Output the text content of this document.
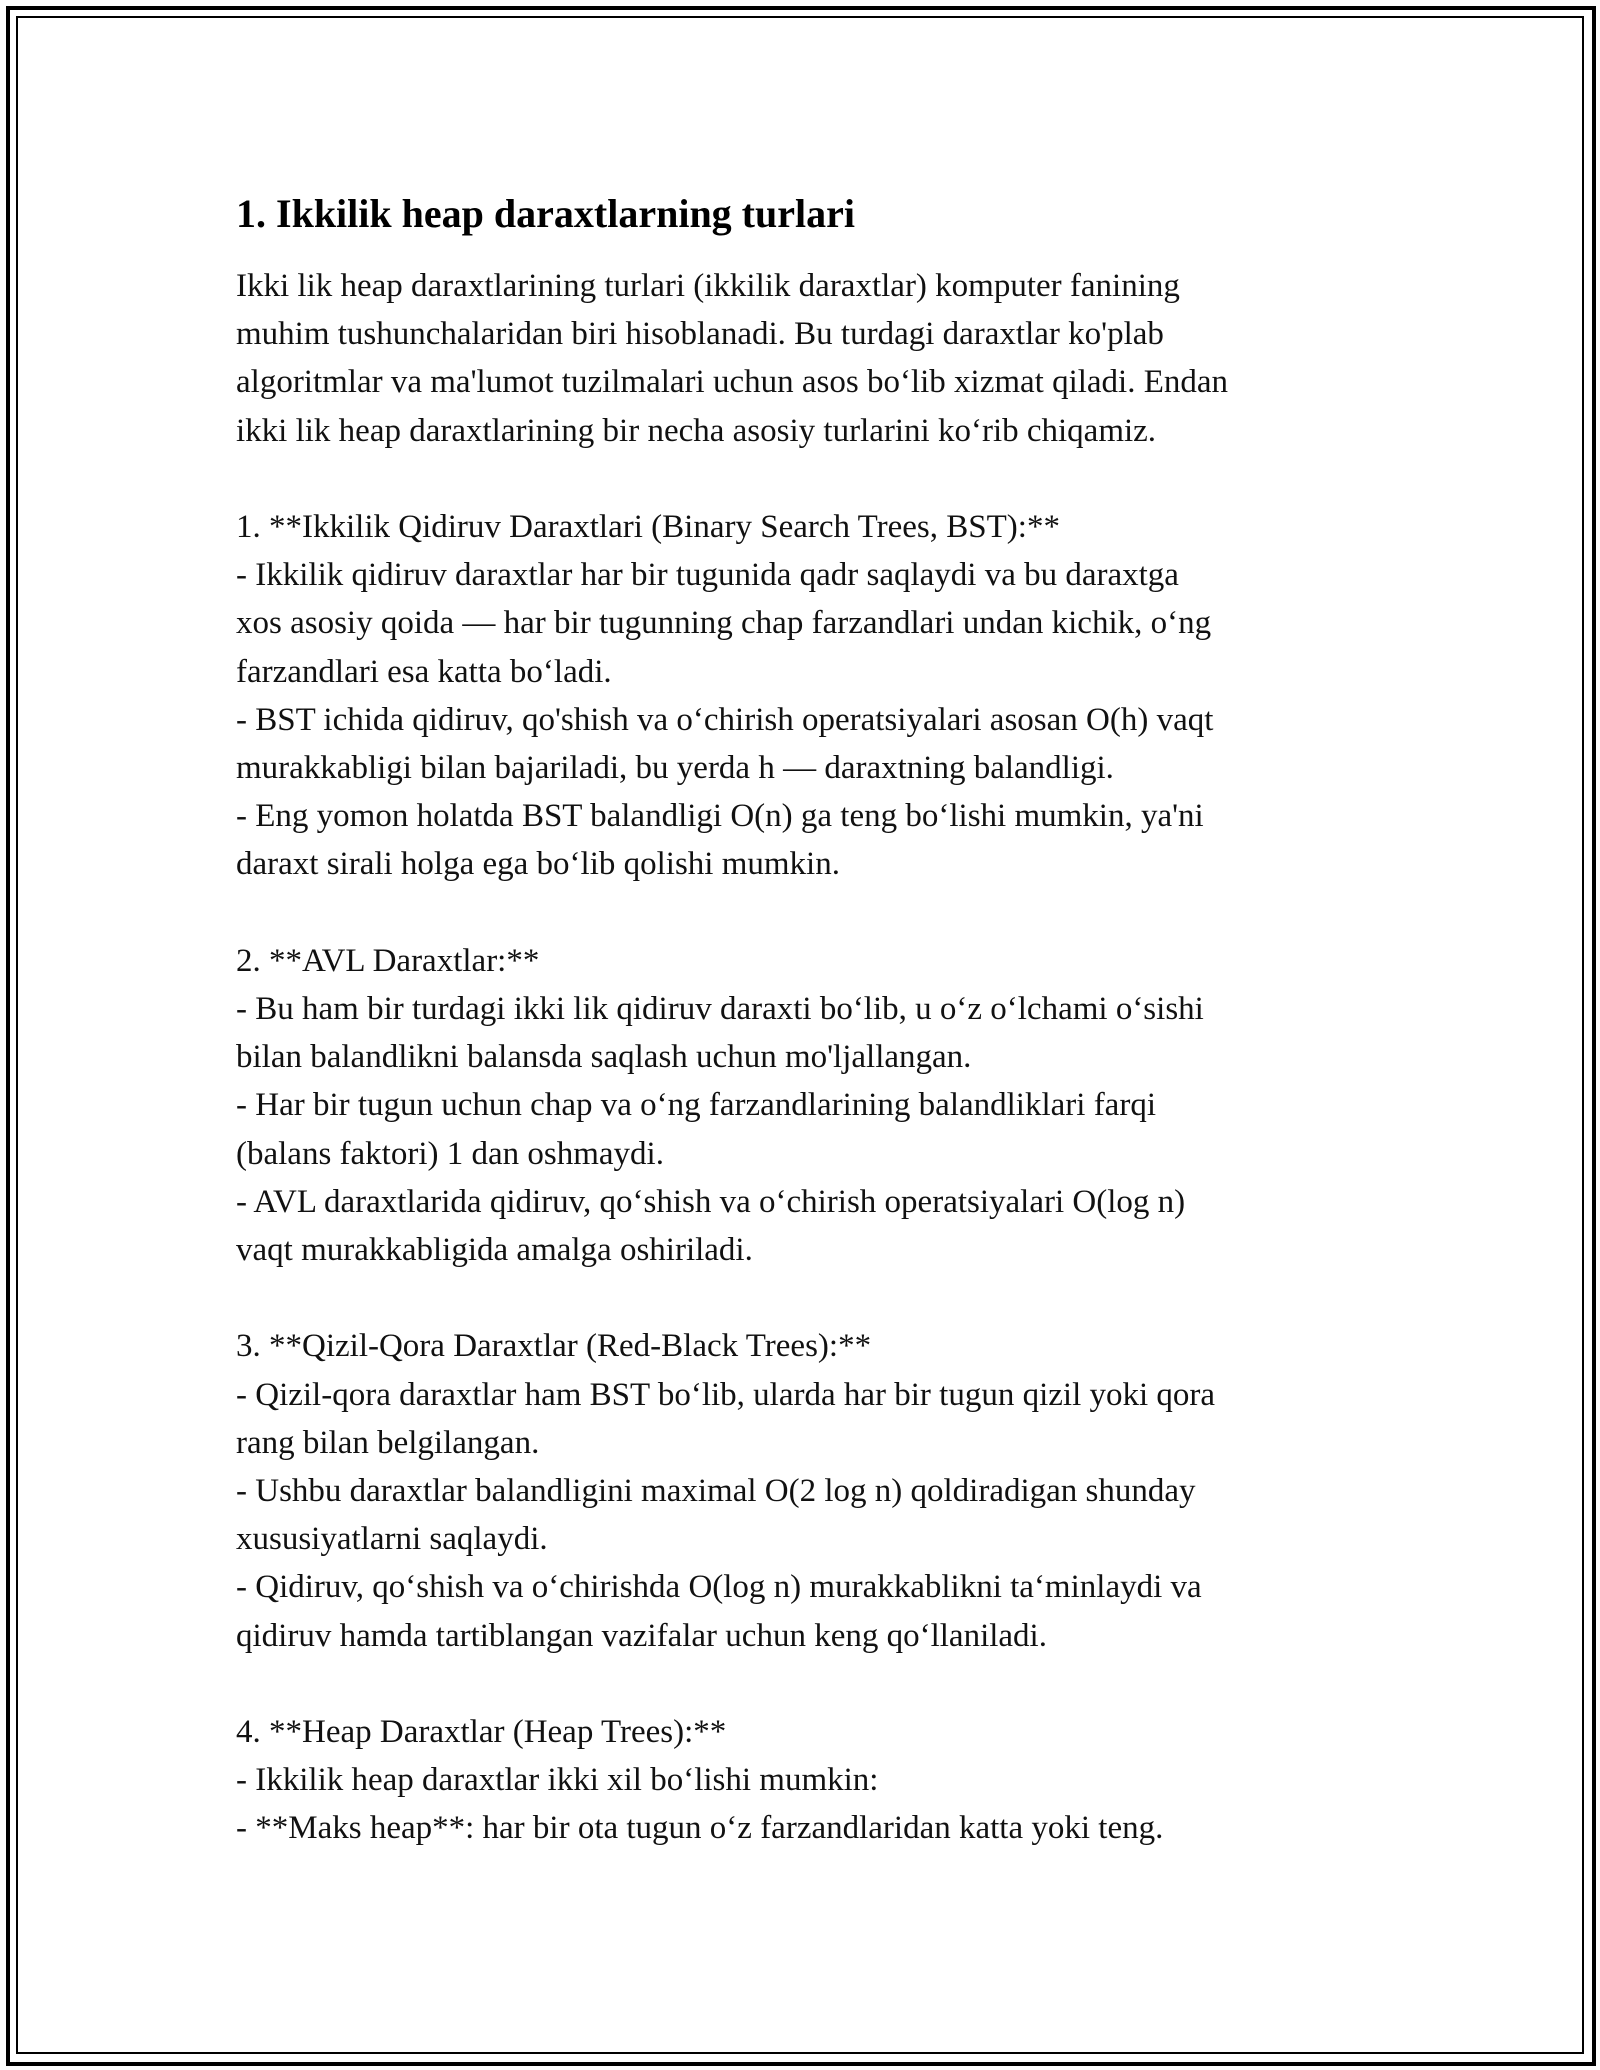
1. Ikkilik heap daraxtlarning turlari

Ikki lik heap daraxtlarining turlari (ikkilik daraxtlar) komputer fanining
muhim tushunchalaridan biri hisoblanadi. Bu turdagi daraxtlar ko'plab
algoritmlar va ma'lumot tuzilmalari uchun asos bo‘lib xizmat qiladi. Endan
ikki lik heap daraxtlarining bir necha asosiy turlarini ko‘rib chiqamiz.

1. **Ikkilik Qidiruv Daraxtlari (Binary Search Trees, BST):**

- Ikkilik qidiruv daraxtlar har bir tugunida qadr saqlaydi va bu daraxtga
xos asosiy qoida — har bir tugunning chap farzandlari undan kichik, o‘ng
farzandlari esa katta bo‘ladi.

- BST ichida qidiruv, qo'shish va o‘chirish operatsiyalari asosan O(h) vaqt
murakkabligi bilan bajariladi, bu yerda h — daraxtning balandligi.

- Eng yomon holatda BST balandligi O(n) ga teng bo‘lishi mumkin, ya'ni
daraxt sirali holga ega bo‘lib qolishi mumkin.

2. **AVL Daraxtlar:**

- Bu ham bir turdagi ikki lik qidiruv daraxti bo‘lib, u o‘z o‘lchami o‘sishi
bilan balandlikni balansda saqlash uchun mo'ljallangan.

- Har bir tugun uchun chap va o‘ng farzandlarining balandliklari farqi
(balans faktori) 1 dan oshmaydi.

- AVL daraxtlarida qidiruv, qo‘shish va o‘chirish operatsiyalari O(log n)
vaqt murakkabligida amalga oshiriladi.

3. **Qizil-Qora Daraxtlar (Red-Black Trees):**

- Qizil-qora daraxtlar ham BST bo‘lib, ularda har bir tugun qizil yoki qora
rang bilan belgilangan.

- Ushbu daraxtlar balandligini maximal O(2 log n) qoldiradigan shunday
xususiyatlarni saqlaydi.

- Qidiruv, qo‘shish va o‘chirishda O(log n) murakkablikni ta‘minlaydi va
qidiruv hamda tartiblangan vazifalar uchun keng qo‘llaniladi.

4. **Heap Daraxtlar (Heap Trees):**

- Ikkilik heap daraxtlar ikki xil bo‘lishi mumkin:

- **Maks heap**: har bir ota tugun o‘z farzandlaridan katta yoki teng.
